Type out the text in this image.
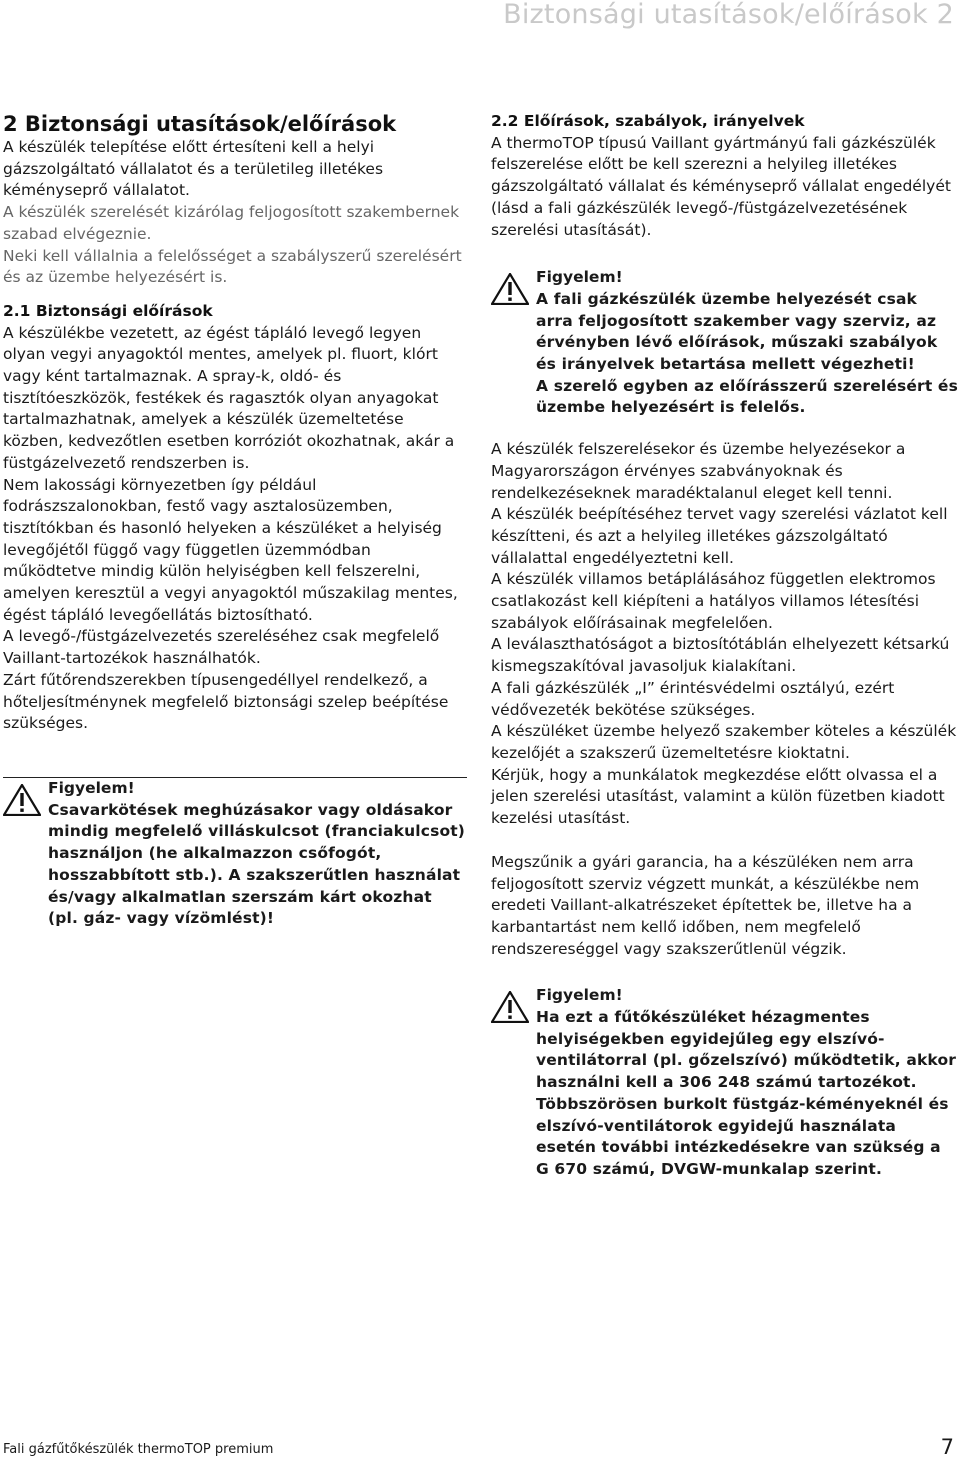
Biztonsági utasítások/előírások 2
2 Biztonsági utasítások/előírások

A készülék telepítése előtt értesíteni kell a helyi gázszolgáltató vállalatot és a területileg illetékes kéményseprő vállalatot.

A készülék szerelését kizárólag feljogosított szakembernek szabad elvégeznie.

Neki kell vállalnia a felelősséget a szabályszerű szerelésért és az üzembe helyezésért is.

2.1 Biztonsági előírások

A készülékbe vezetett, az égést tápláló levegő legyen olyan vegyi anyagoktól mentes, amelyek pl. fluort, klórt vagy ként tartalmaznak. A spray-k, oldó- és tisztítóeszközök, festékek és ragasztók olyan anyagokat tartalmazhatnak, amelyek a készülék üzemeltetése közben, kedvezőtlen esetben korróziót okozhatnak, akár a füstgázelvezető rendszerben is.

Nem lakossági környezetben így például fodrászszalonokban, festő vagy asztalosüzemben, tisztítókban és hasonló helyeken a készüléket a helyiség levegőjétől függő vagy független üzemmódban működtetve mindig külön helyiségben kell felszerelni, amelyen keresztül a vegyi anyagoktól műszakilag mentes, égést tápláló levegőellátás biztosítható.

A levegő-/füstgázelvezetés szereléséhez csak megfelelő Vaillant-tartozékok használhatók.

Zárt fűtőrendszerekben típusengedéllyel rendelkező, a hőteljesítménynek megfelelő biztonsági szelep beépítése szükséges.

Figyelem!

Csavarkötések meghúzásakor vagy oldásakor mindig megfelelő villáskulcsot (franciakulcsot) használjon (he alkalmazzon csőfogót, hosszabbított stb.). A szakszerűtlen használat és/vagy alkalmatlan szerszám kárt okozhat (pl. gáz- vagy vízömlést)!

2.2 Előírások, szabályok, irányelvek

A thermoTOP típusú Vaillant gyártmányú fali gázkészülék felszerelése előtt be kell szerezni a helyileg illetékes gázszolgáltató vállalat és kéményseprő vállalat engedélyét (lásd a fali gázkészülék levegő-/füstgázelvezetésének szerelési utasítását).

Figyelem!

A fali gázkészülék üzembe helyezését csak arra feljogosított szakember vagy szerviz, az érvényben lévő előírások, műszaki szabályok és irányelvek betartása mellett végezheti!

A szerelő egyben az előírásszerű szerelésért és üzembe helyezésért is felelős.

A készülék felszerelésekor és üzembe helyezésekor a Magyarországon érvényes szabványoknak és rendelkezéseknek maradéktalanul eleget kell tenni.

A készülék beépítéséhez tervet vagy szerelési vázlatot kell készítteni, és azt a helyileg illetékes gázszolgáltató vállalattal engedélyeztetni kell.

A készülék villamos betáplálásához független elektromos csatlakozást kell kiépíteni a hatályos villamos létesítési szabályok előírásainak megfelelően.

A leválaszthatóságot a biztosítótáblán elhelyezett kétsarkú kismegszakítóval javasoljuk kialakítani.

A fali gázkészülék „I” érintésvédelmi osztályú, ezért védővezeték bekötése szükséges.

A készüléket üzembe helyező szakember köteles a készülék kezelőjét a szakszerű üzemeltetésre kioktatni.

Kérjük, hogy a munkálatok megkezdése előtt olvassa el a jelen szerelési utasítást, valamint a külön füzetben kiadott kezelési utasítást.

Megszűnik a gyári garancia, ha a készüléken nem arra feljogosított szerviz végzett munkát, a készülékbe nem eredeti Vaillant-alkatrészeket építettek be, illetve ha a karbantartást nem kellő időben, nem megfelelő rendszereséggel vagy szakszerűtlenül végzik.

Figyelem!

Ha ezt a fűtőkészüléket hézagmentes helyiségekben egyidejűleg egy elszívó-ventilátorral (pl. gőzelszívó) működtetik, akkor használni kell a 306 248 számú tartozékot. Többszörösen burkolt füstgáz-kéményeknél és elszívó-ventilátorok egyidejű használata esetén további intézkedésekre van szükség a G 670 számú, DVGW-munkalap szerint.

Fali gázfűtőkészülék thermoTOP premium	7
